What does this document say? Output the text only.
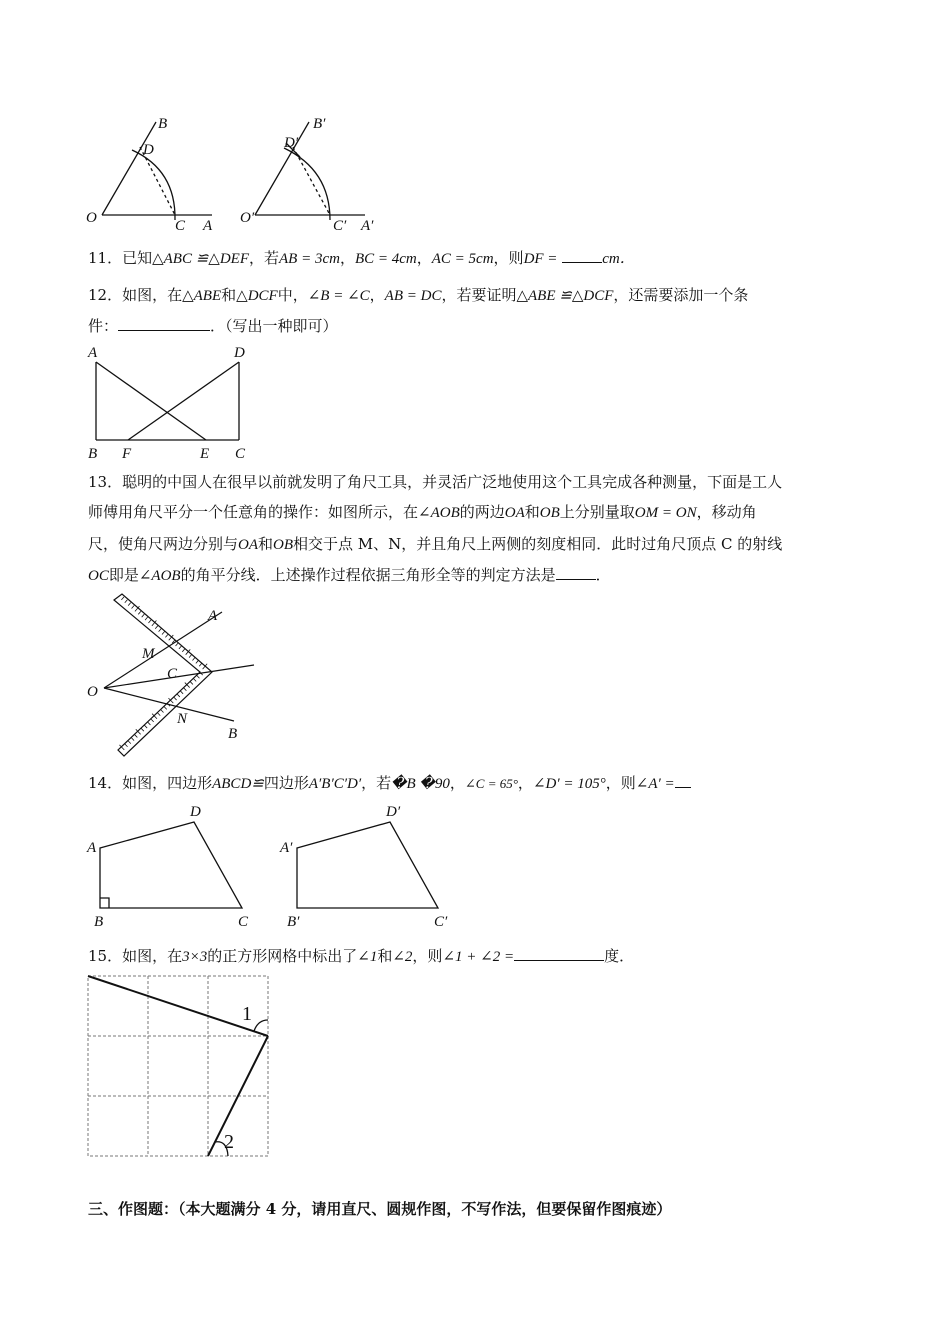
B
D
O	C A
B′
D′
O′	C′ A′
11．已知△ABC ≌△DEF，若AB = 3cm，BC = 4cm，AC = 5cm，则DF =	cm．
12．如图，在△ABE和△DCF中，∠B = ∠C，AB = DC，若要证明△ABE ≌△DCF，还需要添加一个条
件：	．（写出一种即可）
A	D
B F	E C
13．聪明的中国人在很早以前就发明了角尺工具，并灵活广泛地使用这个工具完成各种测量，下面是工人
师傅用角尺平分一个任意角的操作：如图所示，在∠AOB的两边OA和OB上分别量取OM = ON，移动角
尺，使角尺两边分别与OA和OB相交于点 M、N，并且角尺上两侧的刻度相同．此时过角尺顶点 C 的射线
OC即是∠AOB的角平分线．上述操作过程依据三角形全等的判定方法是	．
A
M
C
O
N
B
14．如图，四边形ABCD≌四边形A′B′C′D′，若�B �90，∠C = 65°，∠D′ = 105°，则∠A′ =
A
D
B	C
A′
D′
B′	C′
15．如图，在3×3的正方形网格中标出了∠1和∠2，则∠1 + ∠2 =	度．
1
2
三、作图题：（本大题满分 4 分，请用直尺、圆规作图，不写作法，但要保留作图痕迹）
